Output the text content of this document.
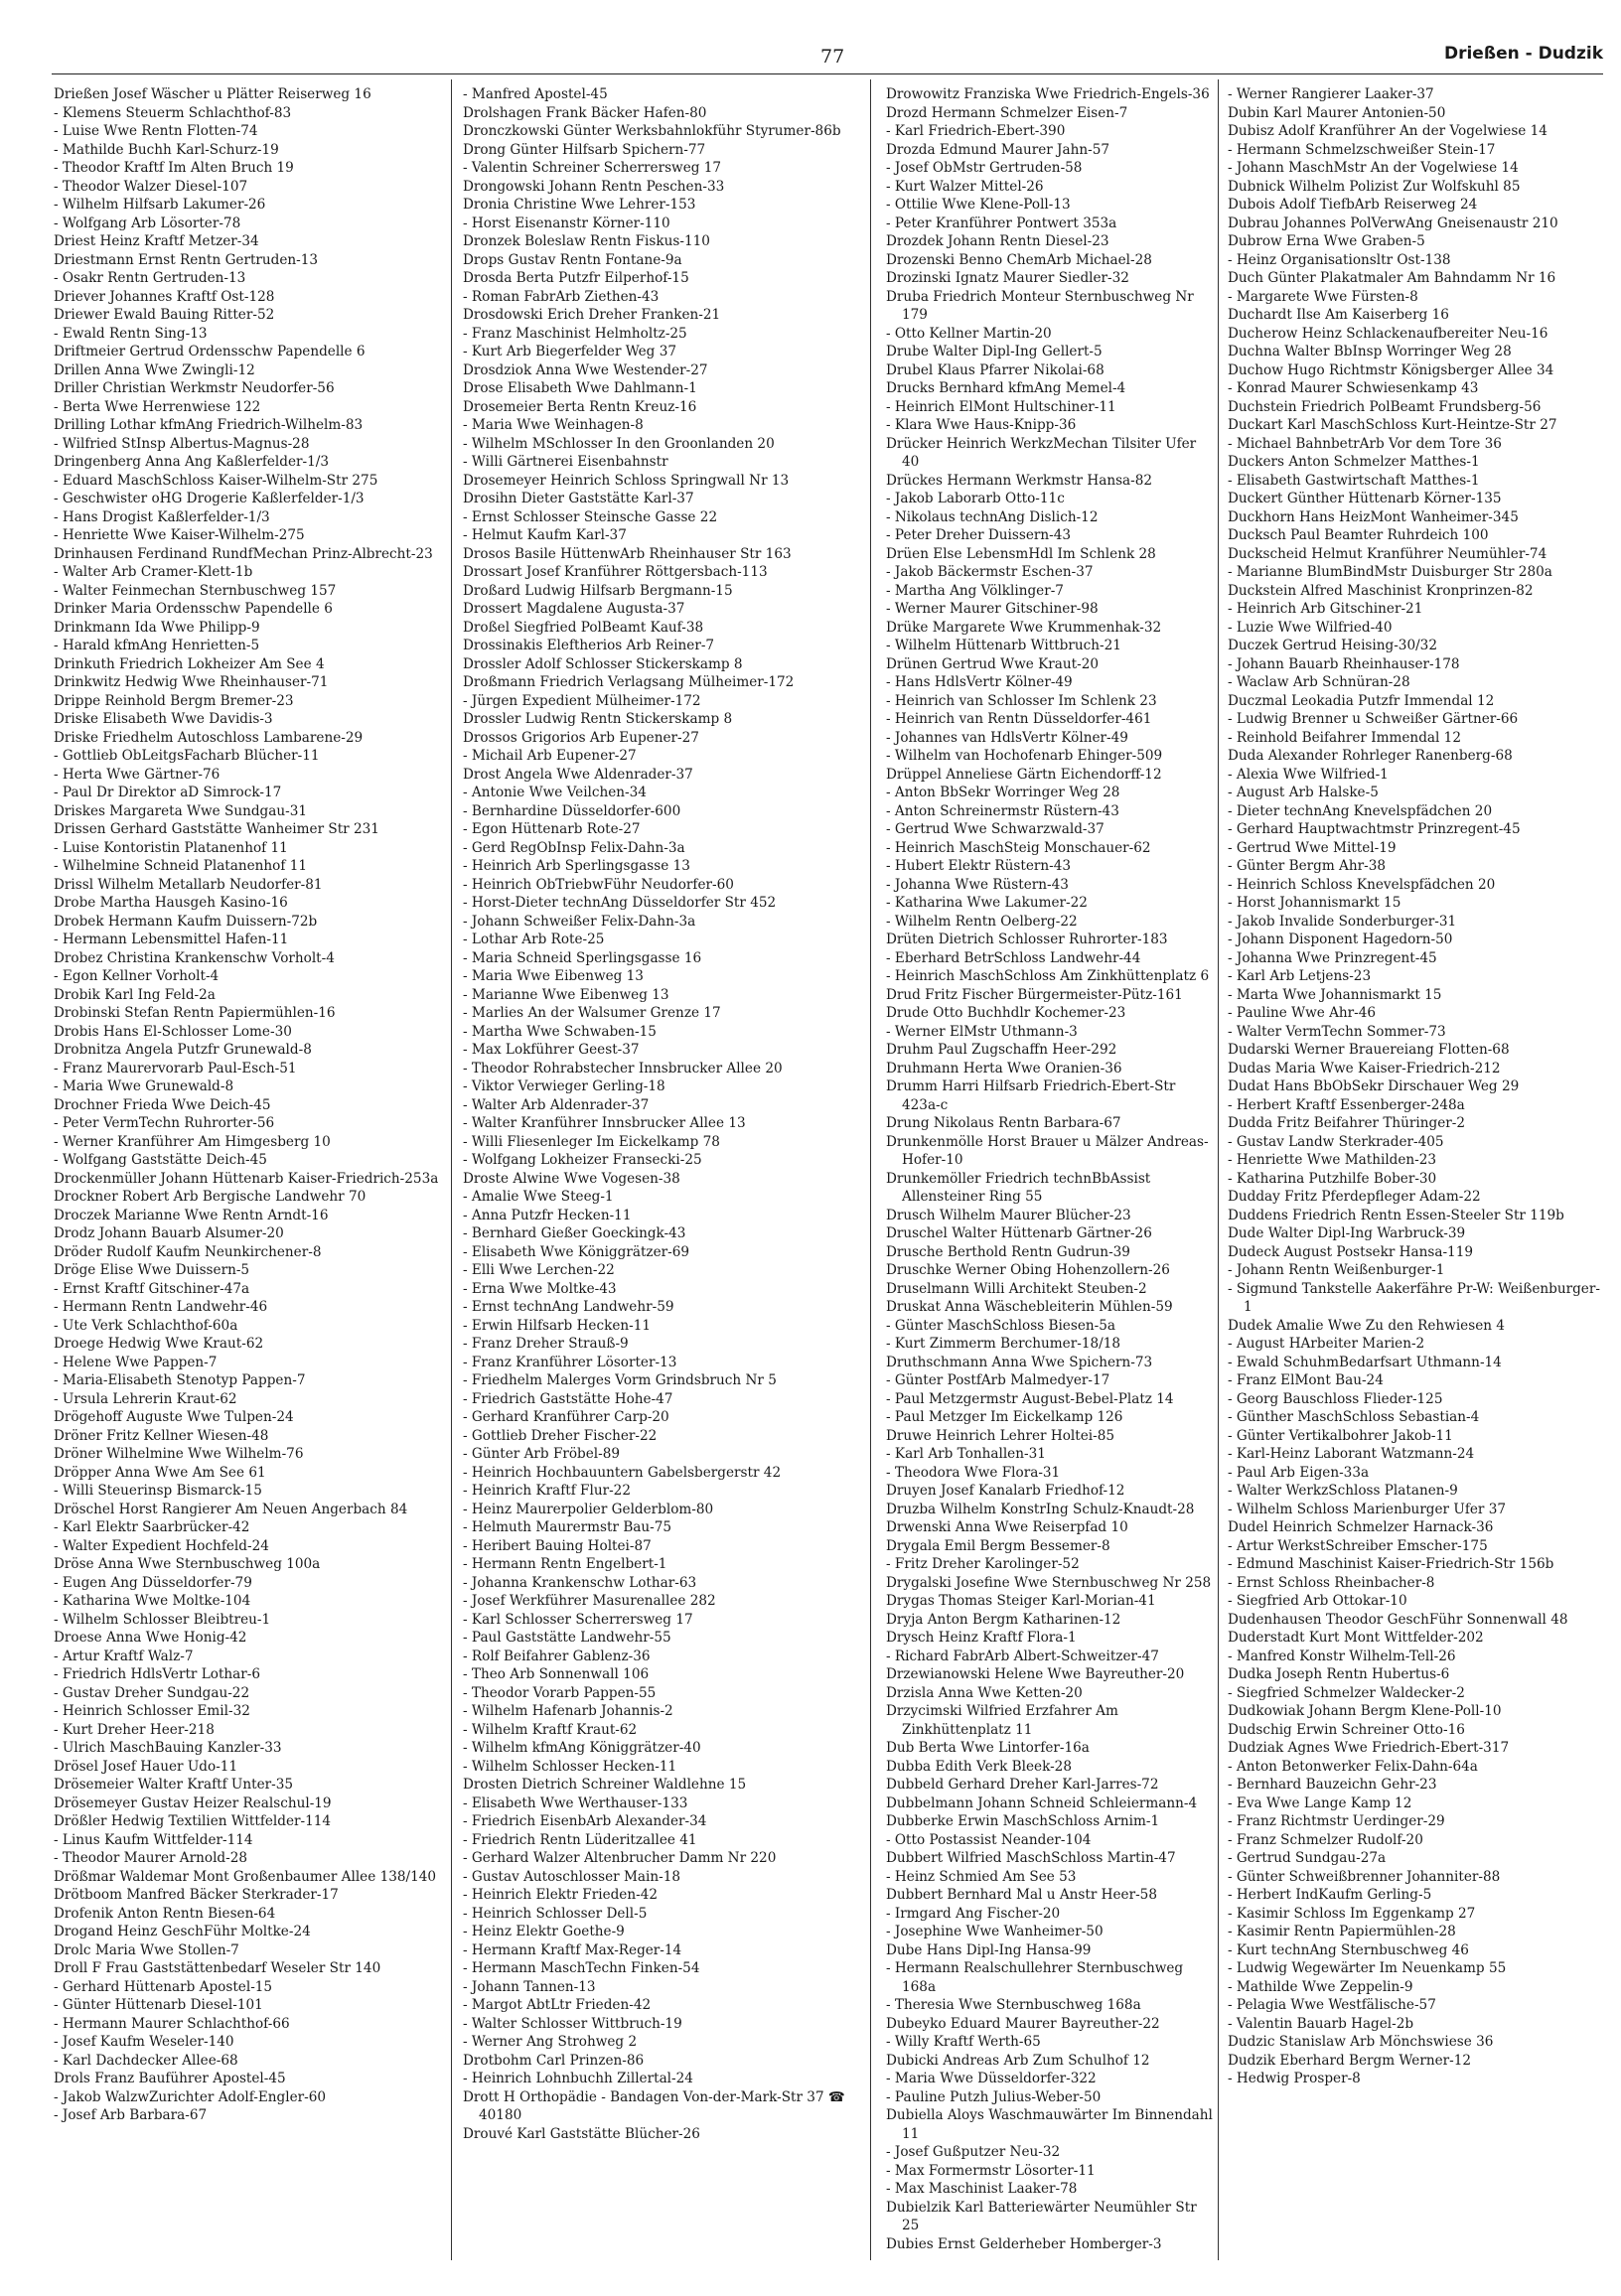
77	Drießen - Dudzik

Drießen Josef Wäscher u Plätter Reiserweg 16

- Klemens Steuerm Schlachthof-83

- Luise Wwe Rentn Flotten-74

- Mathilde Buchh Karl-Schurz-19

- Theodor Kraftf Im Alten Bruch 19

- Theodor Walzer Diesel-107

- Wilhelm Hilfsarb Lakumer-26

- Wolfgang Arb Lösorter-78

Driest Heinz Kraftf Metzer-34

Driestmann Ernst Rentn Gertruden-13

- Osakr Rentn Gertruden-13

Driever Johannes Kraftf Ost-128

Driewer Ewald Bauing Ritter-52

- Ewald Rentn Sing-13

Driftmeier Gertrud Ordensschw Papendelle 6

Drillen Anna Wwe Zwingli-12

Driller Christian Werkmstr Neudorfer-56

- Berta Wwe Herrenwiese 122

Drilling Lothar kfmAng Friedrich-Wilhelm-83

- Wilfried StInsp Albertus-Magnus-28

Dringenberg Anna Ang Kaßlerfelder-1/3

- Eduard MaschSchloss Kaiser-Wilhelm-Str 275

- Geschwister oHG Drogerie Kaßlerfelder-1/3

- Hans Drogist Kaßlerfelder-1/3

- Henriette Wwe Kaiser-Wilhelm-275

Drinhausen Ferdinand RundfMechan Prinz-Albrecht-23

- Walter Arb Cramer-Klett-1b

- Walter Feinmechan Sternbuschweg 157

Drinker Maria Ordensschw Papendelle 6

Drinkmann Ida Wwe Philipp-9

- Harald kfmAng Henrietten-5

Drinkuth Friedrich Lokheizer Am See 4

Drinkwitz Hedwig Wwe Rheinhauser-71

Drippe Reinhold Bergm Bremer-23

Driske Elisabeth Wwe Davidis-3

Driske Friedhelm Autoschloss Lambarene-29

- Gottlieb ObLeitgsFacharb Blücher-11

- Herta Wwe Gärtner-76

- Paul Dr Direktor aD Simrock-17

Driskes Margareta Wwe Sundgau-31

Drissen Gerhard Gaststätte Wanheimer Str 231

- Luise Kontoristin Platanenhof 11

- Wilhelmine Schneid Platanenhof 11

Drissl Wilhelm Metallarb Neudorfer-81

Drobe Martha Hausgeh Kasino-16

Drobek Hermann Kaufm Duissern-72b

- Hermann Lebensmittel Hafen-11

Drobez Christina Krankenschw Vorholt-4

- Egon Kellner Vorholt-4

Drobik Karl Ing Feld-2a

Drobinski Stefan Rentn Papiermühlen-16

Drobis Hans El-Schlosser Lome-30

Drobnitza Angela Putzfr Grunewald-8

- Franz Maurervorarb Paul-Esch-51

- Maria Wwe Grunewald-8

Drochner Frieda Wwe Deich-45

- Peter VermTechn Ruhrorter-56

- Werner Kranführer Am Himgesberg 10

- Wolfgang Gaststätte Deich-45

Drockenmüller Johann Hüttenarb Kaiser-Friedrich-253a

Drockner Robert Arb Bergische Landwehr 70

Droczek Marianne Wwe Rentn Arndt-16

Drodz Johann Bauarb Alsumer-20

Dröder Rudolf Kaufm Neunkirchener-8

Dröge Elise Wwe Duissern-5

- Ernst Kraftf Gitschiner-47a

- Hermann Rentn Landwehr-46

- Ute Verk Schlachthof-60a

Droege Hedwig Wwe Kraut-62

- Helene Wwe Pappen-7

- Maria-Elisabeth Stenotyp Pappen-7

- Ursula Lehrerin Kraut-62

Drögehoff Auguste Wwe Tulpen-24

Dröner Fritz Kellner Wiesen-48

Dröner Wilhelmine Wwe Wilhelm-76

Dröpper Anna Wwe Am See 61

- Willi Steuerinsp Bismarck-15

Dröschel Horst Rangierer Am Neuen Angerbach 84

- Karl Elektr Saarbrücker-42

- Walter Expedient Hochfeld-24

Dröse Anna Wwe Sternbuschweg 100a

- Eugen Ang Düsseldorfer-79

- Katharina Wwe Moltke-104

- Wilhelm Schlosser Bleibtreu-1

Droese Anna Wwe Honig-42

- Artur Kraftf Walz-7

- Friedrich HdlsVertr Lothar-6

- Gustav Dreher Sundgau-22

- Heinrich Schlosser Emil-32

- Kurt Dreher Heer-218

- Ulrich MaschBauing Kanzler-33

Drösel Josef Hauer Udo-11

Drösemeier Walter Kraftf Unter-35

Drösemeyer Gustav Heizer Realschul-19

Drößler Hedwig Textilien Wittfelder-114

- Linus Kaufm Wittfelder-114

- Theodor Maurer Arnold-28

Drößmar Waldemar Mont Großenbaumer Allee 138/140

Drötboom Manfred Bäcker Sterkrader-17

Drofenik Anton Rentn Biesen-64

Drogand Heinz GeschFühr Moltke-24

Drolc Maria Wwe Stollen-7

Droll F Frau Gaststättenbedarf Weseler Str 140

- Gerhard Hüttenarb Apostel-15

- Günter Hüttenarb Diesel-101

- Hermann Maurer Schlachthof-66

- Josef Kaufm Weseler-140

- Karl Dachdecker Allee-68

Drols Franz Bauführer Apostel-45

- Jakob WalzwZurichter Adolf-Engler-60

- Josef Arb Barbara-67

- Manfred Apostel-45

Drolshagen Frank Bäcker Hafen-80

Dronczkowski Günter Werksbahnlokführ Styrumer-86b

Drong Günter Hilfsarb Spichern-77

- Valentin Schreiner Scherrersweg 17

Drongowski Johann Rentn Peschen-33

Dronia Christine Wwe Lehrer-153

- Horst Eisenanstr Körner-110

Dronzek Boleslaw Rentn Fiskus-110

Drops Gustav Rentn Fontane-9a

Drosda Berta Putzfr Eilperhof-15

- Roman FabrArb Ziethen-43

Drosdowski Erich Dreher Franken-21

- Franz Maschinist Helmholtz-25

- Kurt Arb Biegerfelder Weg 37

Drosdziok Anna Wwe Westender-27

Drose Elisabeth Wwe Dahlmann-1

Drosemeier Berta Rentn Kreuz-16

- Maria Wwe Weinhagen-8

- Wilhelm MSchlosser In den Groonlanden 20

- Willi Gärtnerei Eisenbahnstr

Drosemeyer Heinrich Schloss Springwall Nr 13

Drosihn Dieter Gaststätte Karl-37

- Ernst Schlosser Steinsche Gasse 22

- Helmut Kaufm Karl-37

Drosos Basile HüttenwArb Rheinhauser Str 163

Drossart Josef Kranführer Röttgersbach-113

Droßard Ludwig Hilfsarb Bergmann-15

Drossert Magdalene Augusta-37

Droßel Siegfried PolBeamt Kauf-38

Drossinakis Eleftherios Arb Reiner-7

Drossler Adolf Schlosser Stickerskamp 8

Droßmann Friedrich Verlagsang Mülheimer-172

- Jürgen Expedient Mülheimer-172

Drossler Ludwig Rentn Stickerskamp 8

Drossos Grigorios Arb Eupener-27

- Michail Arb Eupener-27

Drost Angela Wwe Aldenrader-37

- Antonie Wwe Veilchen-34

- Bernhardine Düsseldorfer-600

- Egon Hüttenarb Rote-27

- Gerd RegObInsp Felix-Dahn-3a

- Heinrich Arb Sperlingsgasse 13

- Heinrich ObTriebwFühr Neudorfer-60

- Horst-Dieter technAng Düsseldorfer Str 452

- Johann Schweißer Felix-Dahn-3a

- Lothar Arb Rote-25

- Maria Schneid Sperlingsgasse 16

- Maria Wwe Eibenweg 13

- Marianne Wwe Eibenweg 13

- Marlies An der Walsumer Grenze 17

- Martha Wwe Schwaben-15

- Max Lokführer Geest-37

- Theodor Rohrabstecher Innsbrucker Allee 20

- Viktor Verwieger Gerling-18

- Walter Arb Aldenrader-37

- Walter Kranführer Innsbrucker Allee 13

- Willi Fliesenleger Im Eickelkamp 78

- Wolfgang Lokheizer Fransecki-25

Droste Alwine Wwe Vogesen-38

- Amalie Wwe Steeg-1

- Anna Putzfr Hecken-11

- Bernhard Gießer Goeckingk-43

- Elisabeth Wwe Königgrätzer-69

- Elli Wwe Lerchen-22

- Erna Wwe Moltke-43

- Ernst technAng Landwehr-59

- Erwin Hilfsarb Hecken-11

- Franz Dreher Strauß-9

- Franz Kranführer Lösorter-13

- Friedhelm Malerges Vorm Grindsbruch Nr 5

- Friedrich Gaststätte Hohe-47

- Gerhard Kranführer Carp-20

- Gottlieb Dreher Fischer-22

- Günter Arb Fröbel-89

- Heinrich Hochbauuntern Gabelsbergerstr 42

- Heinrich Kraftf Flur-22

- Heinz Maurerpolier Gelderblom-80

- Helmuth Maurermstr Bau-75

- Heribert Bauing Holtei-87

- Hermann Rentn Engelbert-1

- Johanna Krankenschw Lothar-63

- Josef Werkführer Masurenallee 282

- Karl Schlosser Scherrersweg 17

- Paul Gaststätte Landwehr-55

- Rolf Beifahrer Gablenz-36

- Theo Arb Sonnenwall 106

- Theodor Vorarb Pappen-55

- Wilhelm Hafenarb Johannis-2

- Wilhelm Kraftf Kraut-62

- Wilhelm kfmAng Königgrätzer-40

- Wilhelm Schlosser Hecken-11

Drosten Dietrich Schreiner Waldlehne 15

- Elisabeth Wwe Werthauser-133

- Friedrich EisenbArb Alexander-34

- Friedrich Rentn Lüderitzallee 41

- Gerhard Walzer Altenbrucher Damm Nr 220

- Gustav Autoschlosser Main-18

- Heinrich Elektr Frieden-42

- Heinrich Schlosser Dell-5

- Heinz Elektr Goethe-9

- Hermann Kraftf Max-Reger-14

- Hermann MaschTechn Finken-54

- Johann Tannen-13

- Margot AbtLtr Frieden-42

- Walter Schlosser Wittbruch-19

- Werner Ang Strohweg 2

Drotbohm Carl Prinzen-86

- Heinrich Lohnbuchh Zillertal-24

Drott H Orthopädie - Bandagen Von-der-Mark-Str 37 ☎ 40180

Drouvé Karl Gaststätte Blücher-26

Drowowitz Franziska Wwe Friedrich-Engels-36

Drozd Hermann Schmelzer Eisen-7

- Karl Friedrich-Ebert-390

Drozda Edmund Maurer Jahn-57

- Josef ObMstr Gertruden-58

- Kurt Walzer Mittel-26

- Ottilie Wwe Klene-Poll-13

- Peter Kranführer Pontwert 353a

Drozdek Johann Rentn Diesel-23

Drozenski Benno ChemArb Michael-28

Drozinski Ignatz Maurer Siedler-32

Druba Friedrich Monteur Sternbuschweg Nr 179

- Otto Kellner Martin-20

Drube Walter Dipl-Ing Gellert-5

Drubel Klaus Pfarrer Nikolai-68

Drucks Bernhard kfmAng Memel-4

- Heinrich ElMont Hultschiner-11

- Klara Wwe Haus-Knipp-36

Drücker Heinrich WerkzMechan Tilsiter Ufer 40

Drückes Hermann Werkmstr Hansa-82

- Jakob Laborarb Otto-11c

- Nikolaus technAng Dislich-12

- Peter Dreher Duissern-43

Drüen Else LebensmHdl Im Schlenk 28

- Jakob Bäckermstr Eschen-37

- Martha Ang Völklinger-7

- Werner Maurer Gitschiner-98

Drüke Margarete Wwe Krummenhak-32

- Wilhelm Hüttenarb Wittbruch-21

Drünen Gertrud Wwe Kraut-20

- Hans HdlsVertr Kölner-49

- Heinrich van Schlosser Im Schlenk 23

- Heinrich van Rentn Düsseldorfer-461

- Johannes van HdlsVertr Kölner-49

- Wilhelm van Hochofenarb Ehinger-509

Drüppel Anneliese Gärtn Eichendorff-12

- Anton BbSekr Worringer Weg 28

- Anton Schreinermstr Rüstern-43

- Gertrud Wwe Schwarzwald-37

- Heinrich MaschSteig Monschauer-62

- Hubert Elektr Rüstern-43

- Johanna Wwe Rüstern-43

- Katharina Wwe Lakumer-22

- Wilhelm Rentn Oelberg-22

Drüten Dietrich Schlosser Ruhrorter-183

- Eberhard BetrSchloss Landwehr-44

- Heinrich MaschSchloss Am Zinkhüttenplatz 6

Drud Fritz Fischer Bürgermeister-Pütz-161

Drude Otto Buchhdlr Kochemer-23

- Werner ElMstr Uthmann-3

Druhm Paul Zugschaffn Heer-292

Druhmann Herta Wwe Oranien-36

Drumm Harri Hilfsarb Friedrich-Ebert-Str 423a-c

Drung Nikolaus Rentn Barbara-67

Drunkenmölle Horst Brauer u Mälzer Andreas-Hofer-10

Drunkemöller Friedrich technBbAssist Allensteiner Ring 55

Drusch Wilhelm Maurer Blücher-23

Druschel Walter Hüttenarb Gärtner-26

Drusche Berthold Rentn Gudrun-39

Druschke Werner Obing Hohenzollern-26

Druselmann Willi Architekt Steuben-2

Druskat Anna Wäschebleiterin Mühlen-59

- Günter MaschSchloss Biesen-5a

- Kurt Zimmerm Berchumer-18/18

Druthschmann Anna Wwe Spichern-73

- Günter PostfArb Malmedyer-17

- Paul Metzgermstr August-Bebel-Platz 14

- Paul Metzger Im Eickelkamp 126

Druwe Heinrich Lehrer Holtei-85

- Karl Arb Tonhallen-31

- Theodora Wwe Flora-31

Druyen Josef Kanalarb Friedhof-12

Druzba Wilhelm KonstrIng Schulz-Knaudt-28

Drwenski Anna Wwe Reiserpfad 10

Drygala Emil Bergm Bessemer-8

- Fritz Dreher Karolinger-52

Drygalski Josefine Wwe Sternbuschweg Nr 258

Drygas Thomas Steiger Karl-Morian-41

Dryja Anton Bergm Katharinen-12

Drysch Heinz Kraftf Flora-1

- Richard FabrArb Albert-Schweitzer-47

Drzewianowski Helene Wwe Bayreuther-20

Drzisla Anna Wwe Ketten-20

Drzycimski Wilfried Erzfahrer Am Zinkhüttenplatz 11

Dub Berta Wwe Lintorfer-16a

Dubba Edith Verk Bleek-28

Dubbeld Gerhard Dreher Karl-Jarres-72

Dubbelmann Johann Schneid Schleiermann-4

Dubberke Erwin MaschSchloss Arnim-1

- Otto Postassist Neander-104

Dubbert Wilfried MaschSchloss Martin-47

- Heinz Schmied Am See 53

Dubbert Bernhard Mal u Anstr Heer-58

- Irmgard Ang Fischer-20

- Josephine Wwe Wanheimer-50

Dube Hans Dipl-Ing Hansa-99

- Hermann Realschullehrer Sternbuschweg 168a

- Theresia Wwe Sternbuschweg 168a

Dubeyko Eduard Maurer Bayreuther-22

- Willy Kraftf Werth-65

Dubicki Andreas Arb Zum Schulhof 12

- Maria Wwe Düsseldorfer-322

- Pauline Putzh Julius-Weber-50

Dubiella Aloys Waschmauwärter Im Binnendahl 11

- Josef Gußputzer Neu-32

- Max Formermstr Lösorter-11

- Max Maschinist Laaker-78

Dubielzik Karl Batteriewärter Neumühler Str 25

Dubies Ernst Gelderheber Homberger-3

- Werner Rangierer Laaker-37

Dubin Karl Maurer Antonien-50

Dubisz Adolf Kranführer An der Vogelwiese 14

- Hermann Schmelzschweißer Stein-17

- Johann MaschMstr An der Vogelwiese 14

Dubnick Wilhelm Polizist Zur Wolfskuhl 85

Dubois Adolf TiefbArb Reiserweg 24

Dubrau Johannes PolVerwAng Gneisenaustr 210

Dubrow Erna Wwe Graben-5

- Heinz Organisationsltr Ost-138

Duch Günter Plakatmaler Am Bahndamm Nr 16

- Margarete Wwe Fürsten-8

Duchardt Ilse Am Kaiserberg 16

Ducherow Heinz Schlackenaufbereiter Neu-16

Duchna Walter BbInsp Worringer Weg 28

Duchow Hugo Richtmstr Königsberger Allee 34

- Konrad Maurer Schwiesenkamp 43

Duchstein Friedrich PolBeamt Frundsberg-56

Duckart Karl MaschSchloss Kurt-Heintze-Str 27

- Michael BahnbetrArb Vor dem Tore 36

Duckers Anton Schmelzer Matthes-1

- Elisabeth Gastwirtschaft Matthes-1

Duckert Günther Hüttenarb Körner-135

Duckhorn Hans HeizMont Wanheimer-345

Ducksch Paul Beamter Ruhrdeich 100

Duckscheid Helmut Kranführer Neumühler-74

- Marianne BlumBindMstr Duisburger Str 280a

Duckstein Alfred Maschinist Kronprinzen-82

- Heinrich Arb Gitschiner-21

- Luzie Wwe Wilfried-40

Duczek Gertrud Heising-30/32

- Johann Bauarb Rheinhauser-178

- Waclaw Arb Schnüran-28

Duczmal Leokadia Putzfr Immendal 12

- Ludwig Brenner u Schweißer Gärtner-66

- Reinhold Beifahrer Immendal 12

Duda Alexander Rohrleger Ranenberg-68

- Alexia Wwe Wilfried-1

- August Arb Halske-5

- Dieter technAng Knevelspfädchen 20

- Gerhard Hauptwachtmstr Prinzregent-45

- Gertrud Wwe Mittel-19

- Günter Bergm Ahr-38

- Heinrich Schloss Knevelspfädchen 20

- Horst Johannismarkt 15

- Jakob Invalide Sonderburger-31

- Johann Disponent Hagedorn-50

- Johanna Wwe Prinzregent-45

- Karl Arb Letjens-23

- Marta Wwe Johannismarkt 15

- Pauline Wwe Ahr-46

- Walter VermTechn Sommer-73

Dudarski Werner Brauereiang Flotten-68

Dudas Maria Wwe Kaiser-Friedrich-212

Dudat Hans BbObSekr Dirschauer Weg 29

- Herbert Kraftf Essenberger-248a

Dudda Fritz Beifahrer Thüringer-2

- Gustav Landw Sterkrader-405

- Henriette Wwe Mathilden-23

- Katharina Putzhilfe Bober-30

Dudday Fritz Pferdepfleger Adam-22

Duddens Friedrich Rentn Essen-Steeler Str 119b

Dude Walter Dipl-Ing Warbruck-39

Dudeck August Postsekr Hansa-119

- Johann Rentn Weißenburger-1

- Sigmund Tankstelle Aakerfähre Pr-W: Weißenburger-1

Dudek Amalie Wwe Zu den Rehwiesen 4

- August HArbeiter Marien-2

- Ewald SchuhmBedarfsart Uthmann-14

- Franz ElMont Bau-24

- Georg Bauschloss Flieder-125

- Günther MaschSchloss Sebastian-4

- Günter Vertikalbohrer Jakob-11

- Karl-Heinz Laborant Watzmann-24

- Paul Arb Eigen-33a

- Walter WerkzSchloss Platanen-9

- Wilhelm Schloss Marienburger Ufer 37

Dudel Heinrich Schmelzer Harnack-36

- Artur WerkstSchreiber Emscher-175

- Edmund Maschinist Kaiser-Friedrich-Str 156b

- Ernst Schloss Rheinbacher-8

- Siegfried Arb Ottokar-10

Dudenhausen Theodor GeschFühr Sonnenwall 48

Duderstadt Kurt Mont Wittfelder-202

- Manfred Konstr Wilhelm-Tell-26

Dudka Joseph Rentn Hubertus-6

- Siegfried Schmelzer Waldecker-2

Dudkowiak Johann Bergm Klene-Poll-10

Dudschig Erwin Schreiner Otto-16

Dudziak Agnes Wwe Friedrich-Ebert-317

- Anton Betonwerker Felix-Dahn-64a

- Bernhard Bauzeichn Gehr-23

- Eva Wwe Lange Kamp 12

- Franz Richtmstr Uerdinger-29

- Franz Schmelzer Rudolf-20

- Gertrud Sundgau-27a

- Günter Schweißbrenner Johanniter-88

- Herbert IndKaufm Gerling-5

- Kasimir Schloss Im Eggenkamp 27

- Kasimir Rentn Papiermühlen-28

- Kurt technAng Sternbuschweg 46

- Ludwig Wegewärter Im Neuenkamp 55

- Mathilde Wwe Zeppelin-9

- Pelagia Wwe Westfälische-57

- Valentin Bauarb Hagel-2b

Dudzic Stanislaw Arb Mönchswiese 36

Dudzik Eberhard Bergm Werner-12

- Hedwig Prosper-8
